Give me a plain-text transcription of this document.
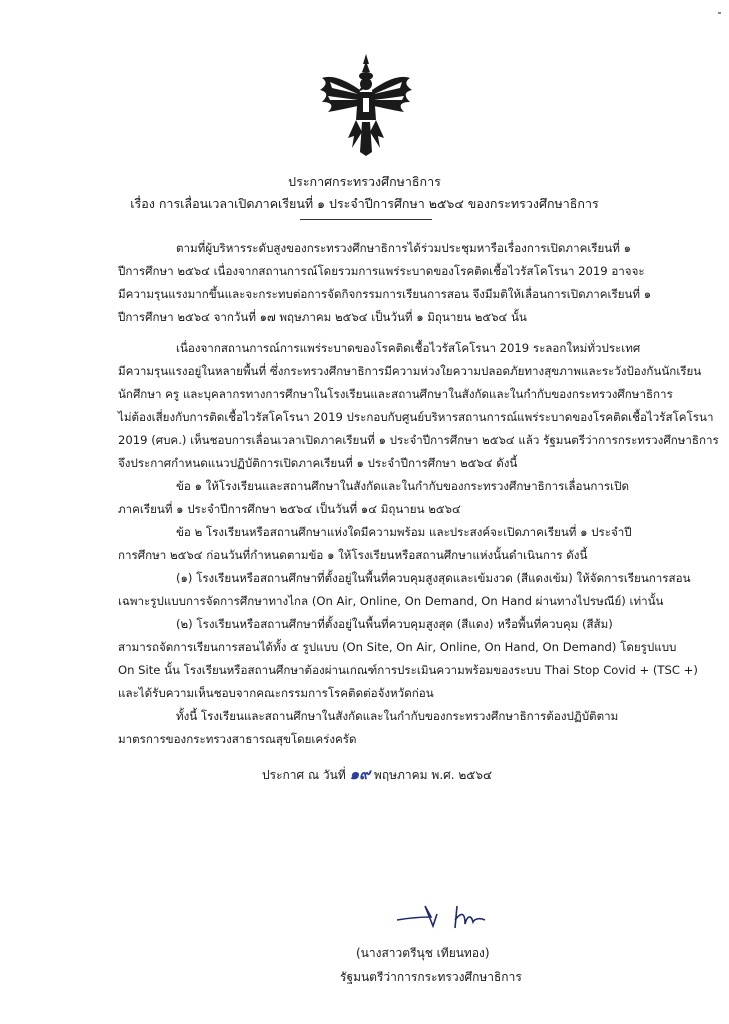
ประกาศกระทรวงศึกษาธิการ
เรื่อง การเลื่อนเวลาเปิดภาคเรียนที่ ๑ ประจำปีการศึกษา ๒๕๖๔ ของกระทรวงศึกษาธิการ
ตามที่ผู้บริหารระดับสูงของกระทรวงศึกษาธิการได้ร่วมประชุมหารือเรื่องการเปิดภาคเรียนที่ ๑
ปีการศึกษา ๒๕๖๔ เนื่องจากสถานการณ์โดยรวมการแพร่ระบาดของโรคติดเชื้อไวรัสโคโรนา 2019 อาจจะ
มีความรุนแรงมากขึ้นและจะกระทบต่อการจัดกิจกรรมการเรียนการสอน จึงมีมติให้เลื่อนการเปิดภาคเรียนที่ ๑
ปีการศึกษา ๒๕๖๔ จากวันที่ ๑๗ พฤษภาคม ๒๕๖๔ เป็นวันที่ ๑ มิถุนายน ๒๕๖๔ นั้น
เนื่องจากสถานการณ์การแพร่ระบาดของโรคติดเชื้อไวรัสโคโรนา 2019 ระลอกใหม่ทั่วประเทศ
มีความรุนแรงอยู่ในหลายพื้นที่ ซึ่งกระทรวงศึกษาธิการมีความห่วงใยความปลอดภัยทางสุขภาพและระวังป้องกันนักเรียน
นักศึกษา ครู และบุคลากรทางการศึกษาในโรงเรียนและสถานศึกษาในสังกัดและในกำกับของกระทรวงศึกษาธิการ
ไม่ต้องเสี่ยงกับการติดเชื้อไวรัสโคโรนา 2019 ประกอบกับศูนย์บริหารสถานการณ์แพร่ระบาดของโรคติดเชื้อไวรัสโคโรนา
2019 (ศบค.) เห็นชอบการเลื่อนเวลาเปิดภาคเรียนที่ ๑ ประจำปีการศึกษา ๒๕๖๔ แล้ว รัฐมนตรีว่าการกระทรวงศึกษาธิการ
จึงประกาศกำหนดแนวปฏิบัติการเปิดภาคเรียนที่ ๑ ประจำปีการศึกษา ๒๕๖๔ ดังนี้
ข้อ ๑ ให้โรงเรียนและสถานศึกษาในสังกัดและในกำกับของกระทรวงศึกษาธิการเลื่อนการเปิด
ภาคเรียนที่ ๑ ประจำปีการศึกษา ๒๕๖๔ เป็นวันที่ ๑๔ มิถุนายน ๒๕๖๔
ข้อ ๒ โรงเรียนหรือสถานศึกษาแห่งใดมีความพร้อม และประสงค์จะเปิดภาคเรียนที่ ๑ ประจำปี
การศึกษา ๒๕๖๔ ก่อนวันที่กำหนดตามข้อ ๑ ให้โรงเรียนหรือสถานศึกษาแห่งนั้นดำเนินการ ดังนี้
(๑) โรงเรียนหรือสถานศึกษาที่ตั้งอยู่ในพื้นที่ควบคุมสูงสุดและเข้มงวด (สีแดงเข้ม) ให้จัดการเรียนการสอน
เฉพาะรูปแบบการจัดการศึกษาทางไกล (On Air, Online, On Demand, On Hand ผ่านทางไปรษณีย์) เท่านั้น
(๒) โรงเรียนหรือสถานศึกษาที่ตั้งอยู่ในพื้นที่ควบคุมสูงสุด (สีแดง) หรือพื้นที่ควบคุม (สีส้ม)
สามารถจัดการเรียนการสอนได้ทั้ง ๕ รูปแบบ (On Site, On Air, Online, On Hand, On Demand) โดยรูปแบบ
On Site นั้น โรงเรียนหรือสถานศึกษาต้องผ่านเกณฑ์การประเมินความพร้อมของระบบ Thai Stop Covid + (TSC +)
และได้รับความเห็นชอบจากคณะกรรมการโรคติดต่อจังหวัดก่อน
ทั้งนี้ โรงเรียนและสถานศึกษาในสังกัดและในกำกับของกระทรวงศึกษาธิการต้องปฏิบัติตาม
มาตรการของกระทรวงสาธารณสุขโดยเคร่งครัด
ประกาศ ณ วันที่ ๑๙ พฤษภาคม พ.ศ. ๒๕๖๔
(นางสาวตรีนุช เทียนทอง)
รัฐมนตรีว่าการกระทรวงศึกษาธิการ
